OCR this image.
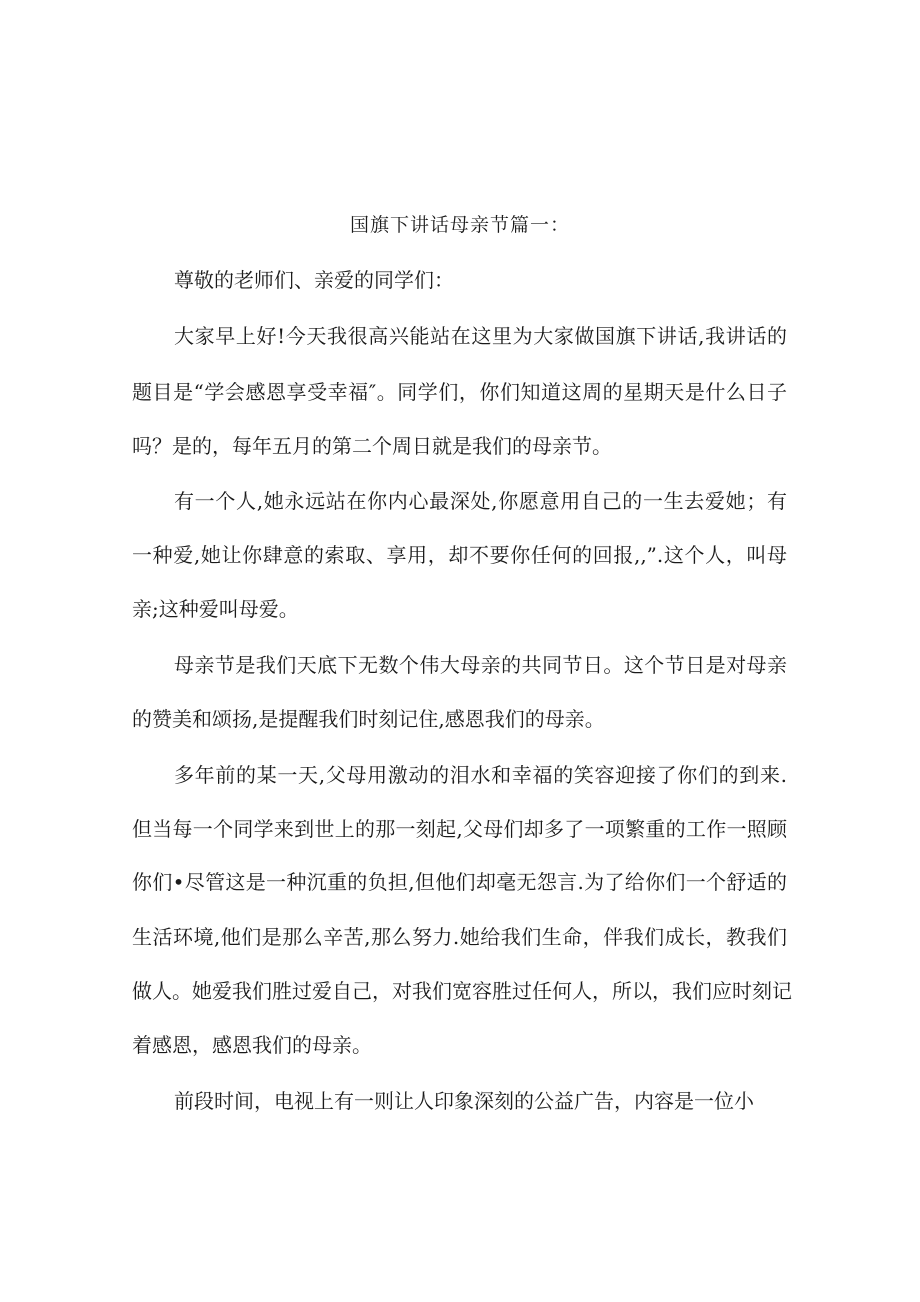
国旗下讲话母亲节篇一：
尊敬的老师们、亲爱的同学们：
大家早上好!今天我很高兴能站在这里为大家做国旗下讲话,我讲话的
题目是“学会感恩享受幸福″。同学们，你们知道这周的星期天是什么日子
吗？是的，每年五月的第二个周日就是我们的母亲节。
有一个人,她永远站在你内心最深处,你愿意用自己的一生去爱她；有
一种爱,她让你肆意的索取、享用，却不要你任何的回报,,”.这个人，叫母
亲;这种爱叫母爱。
母亲节是我们天底下无数个伟大母亲的共同节日。这个节日是对母亲
的赞美和颂扬,是提醒我们时刻记住,感恩我们的母亲。
多年前的某一天,父母用激动的泪水和幸福的笑容迎接了你们的到来.
但当每一个同学来到世上的那一刻起,父母们却多了一项繁重的工作一照顾
你们•尽管这是一种沉重的负担,但他们却毫无怨言.为了给你们一个舒适的
生活环境,他们是那么辛苦,那么努力.她给我们生命，伴我们成长，教我们
做人。她爱我们胜过爱自己，对我们宽容胜过任何人，所以，我们应时刻记
着感恩，感恩我们的母亲。
前段时间，电视上有一则让人印象深刻的公益广告，内容是一位小
